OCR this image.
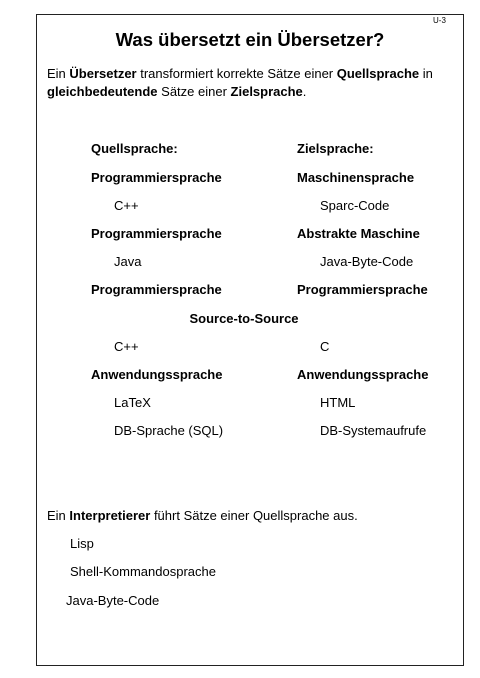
U-3
Was übersetzt ein Übersetzer?
Ein Übersetzer transformiert korrekte Sätze einer Quellsprache in gleichbedeutende Sätze einer Zielsprache.
Quellsprache:	Zielsprache:
Programmiersprache	Maschinensprache
C++	Sparc-Code
Programmiersprache	Abstrakte Maschine
Java	Java-Byte-Code
Programmiersprache	Programmiersprache
Source-to-Source
C++	C
Anwendungssprache	Anwendungssprache
LaTeX	HTML
DB-Sprache (SQL)	DB-Systemaufrufe
Ein Interpretierer führt Sätze einer Quellsprache aus.
Lisp
Shell-Kommandosprache
Java-Byte-Code
